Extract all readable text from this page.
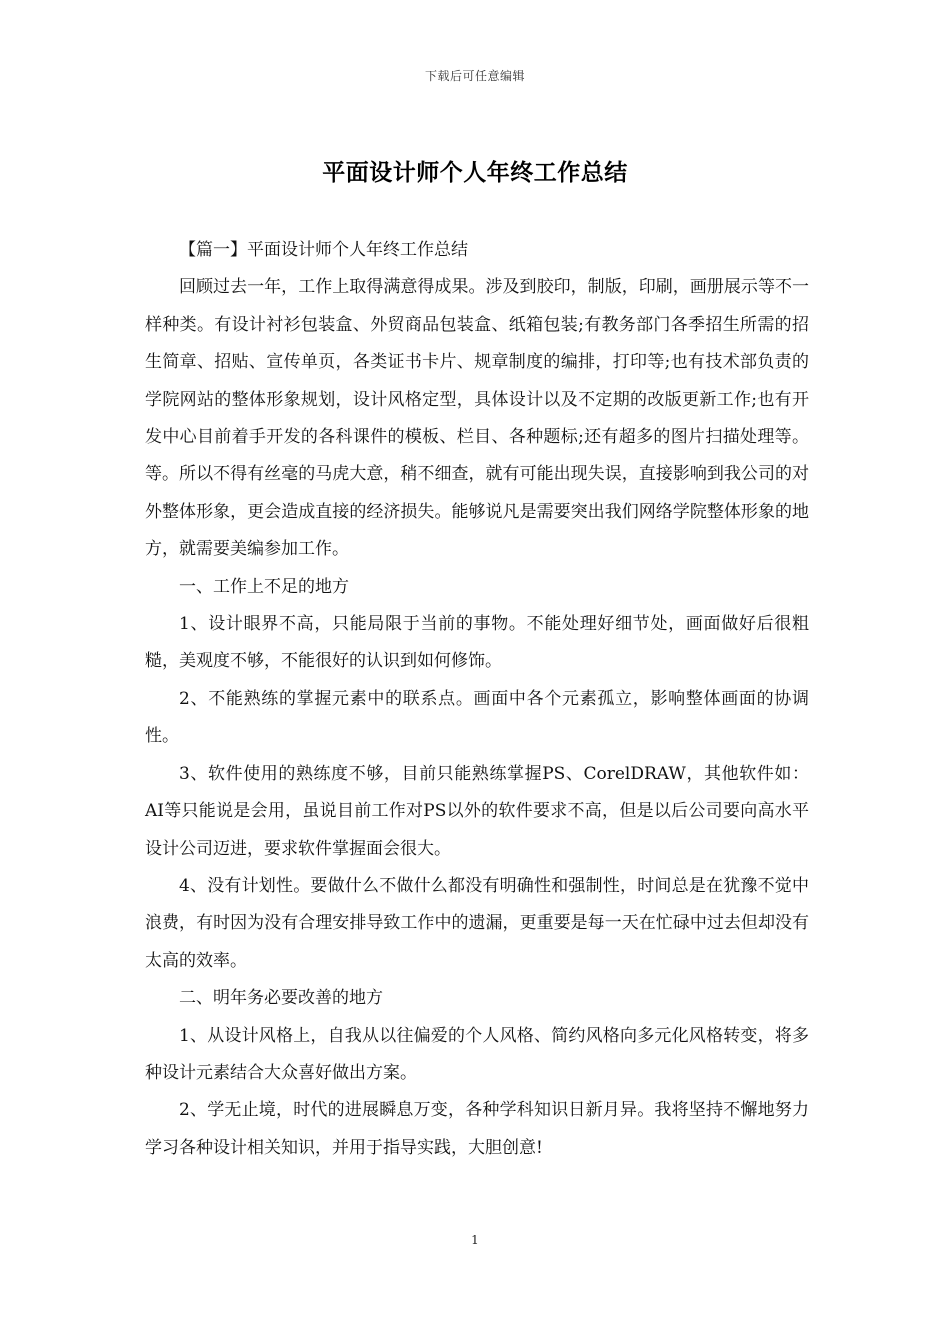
下载后可任意编辑
平面设计师个人年终工作总结

【篇一】平面设计师个人年终工作总结

回顾过去一年，工作上取得满意得成果。涉及到胶印，制版，印刷，画册展示等不一样种类。有设计衬衫包装盒、外贸商品包装盒、纸箱包装;有教务部门各季招生所需的招生简章、招贴、宣传单页，各类证书卡片、规章制度的编排，打印等;也有技术部负责的学院网站的整体形象规划，设计风格定型，具体设计以及不定期的改版更新工作;也有开发中心目前着手开发的各科课件的模板、栏目、各种题标;还有超多的图片扫描处理等。等。所以不得有丝毫的马虎大意，稍不细查，就有可能出现失误，直接影响到我公司的对外整体形象，更会造成直接的经济损失。能够说凡是需要突出我们网络学院整体形象的地方，就需要美编参加工作。

一、工作上不足的地方

1、设计眼界不高，只能局限于当前的事物。不能处理好细节处，画面做好后很粗糙，美观度不够，不能很好的认识到如何修饰。

2、不能熟练的掌握元素中的联系点。画面中各个元素孤立，影响整体画面的协调性。

3、软件使用的熟练度不够，目前只能熟练掌握PS、CorelDRAW，其他软件如：AI等只能说是会用，虽说目前工作对PS以外的软件要求不高，但是以后公司要向高水平设计公司迈进，要求软件掌握面会很大。

4、没有计划性。要做什么不做什么都没有明确性和强制性，时间总是在犹豫不觉中浪费，有时因为没有合理安排导致工作中的遗漏，更重要是每一天在忙碌中过去但却没有太高的效率。

二、明年务必要改善的地方

1、从设计风格上，自我从以往偏爱的个人风格、简约风格向多元化风格转变，将多种设计元素结合大众喜好做出方案。

2、学无止境，时代的进展瞬息万变，各种学科知识日新月异。我将坚持不懈地努力学习各种设计相关知识，并用于指导实践，大胆创意!

1
